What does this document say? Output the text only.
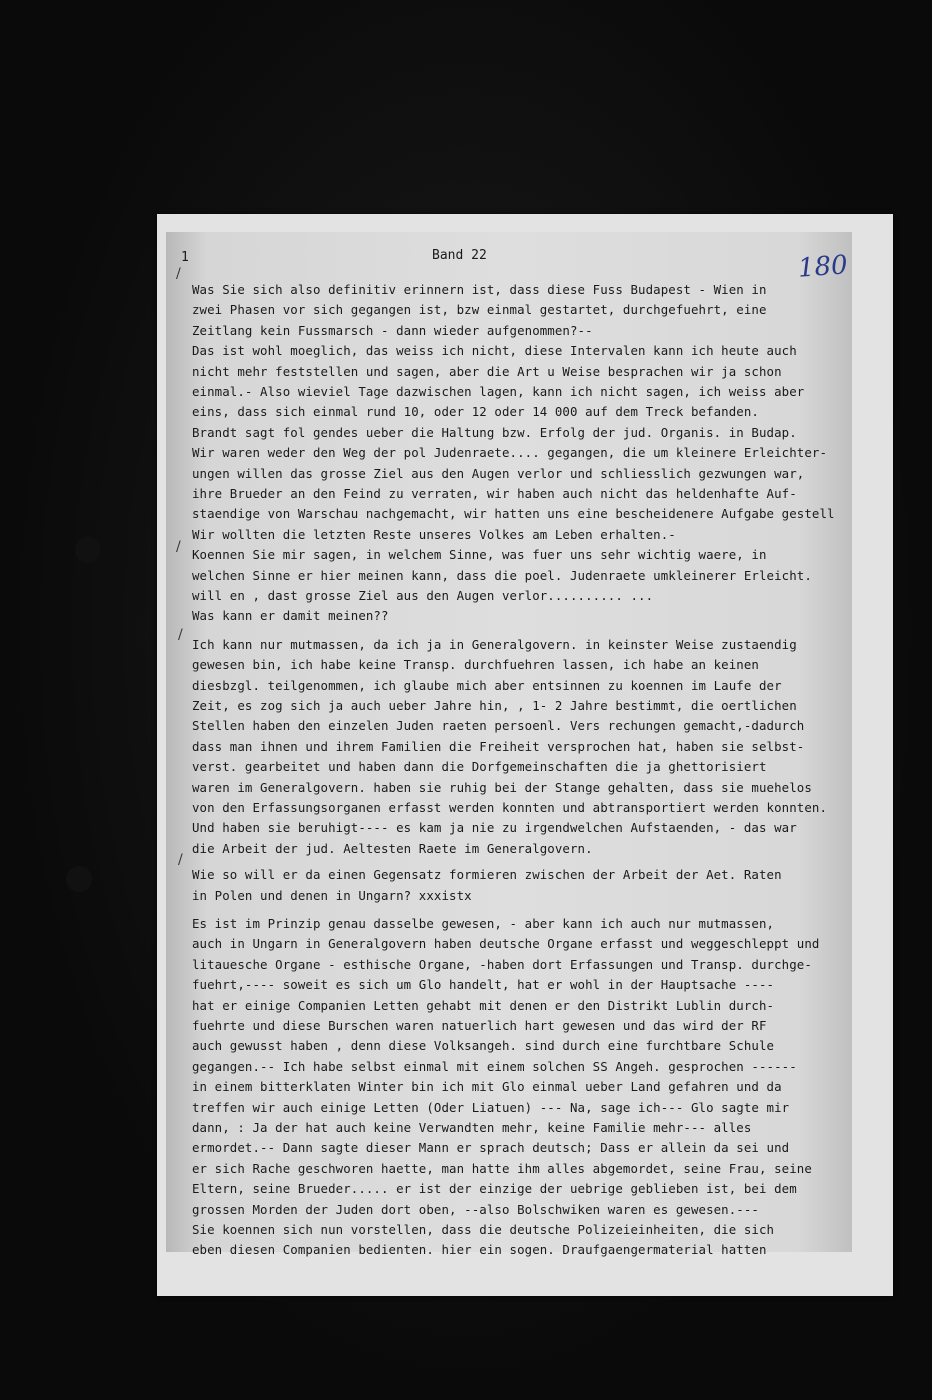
/
/
/
/
1	Band 22	180
Was Sie sich also definitiv erinnern ist, dass diese Fuss Budapest - Wien in
zwei Phasen vor sich gegangen ist, bzw einmal gestartet, durchgefuehrt, eine
Zeitlang kein Fussmarsch - dann wieder aufgenommen?--
Das ist wohl moeglich, das weiss ich nicht, diese Intervalen kann ich heute auch
nicht mehr feststellen und sagen, aber die Art u Weise besprachen wir ja schon
einmal.- Also wieviel Tage dazwischen lagen, kann ich nicht sagen, ich weiss aber
eins, dass sich einmal rund 10, oder 12 oder 14 000 auf dem Treck befanden.
Brandt sagt fol gendes ueber die Haltung bzw. Erfolg der jud. Organis. in Budap.
Wir waren weder den Weg der pol Judenraete.... gegangen, die um kleinere Erleichter-
ungen willen das grosse Ziel aus den Augen verlor und schliesslich gezwungen war,
ihre Brueder an den Feind zu verraten, wir haben auch nicht das heldenhafte Auf-
staendige von Warschau nachgemacht, wir hatten uns eine bescheidenere Aufgabe gestell
Wir wollten die letzten Reste unseres Volkes am Leben erhalten.-
Koennen Sie mir sagen, in welchem Sinne, was fuer uns sehr wichtig waere, in
welchen Sinne er hier meinen kann, dass die poel. Judenraete umkleinerer Erleicht.
will en , dast grosse Ziel aus den Augen verlor.......... ...
Was kann er damit meinen??
Ich kann nur mutmassen, da ich ja in Generalgovern. in keinster Weise zustaendig
gewesen bin, ich habe keine Transp. durchfuehren lassen, ich habe an keinen
diesbzgl. teilgenommen, ich glaube mich aber entsinnen zu koennen im Laufe der
Zeit, es zog sich ja auch ueber Jahre hin, , 1- 2 Jahre bestimmt, die oertlichen
Stellen haben den einzelen Juden raeten persoenl. Vers rechungen gemacht,-dadurch
dass man ihnen und ihrem Familien die Freiheit versprochen hat, haben sie selbst-
verst. gearbeitet und haben dann die Dorfgemeinschaften die ja ghettorisiert
waren im Generalgovern. haben sie ruhig bei der Stange gehalten, dass sie muehelos
von den Erfassungsorganen erfasst werden konnten und abtransportiert werden konnten.
Und haben sie beruhigt---- es kam ja nie zu irgendwelchen Aufstaenden, - das war
die Arbeit der jud. Aeltesten Raete im Generalgovern.
Wie so will er da einen Gegensatz formieren zwischen der Arbeit der Aet. Raten
in Polen und denen in Ungarn? xxxistx
Es ist im Prinzip genau dasselbe gewesen, - aber kann ich auch nur mutmassen,
auch in Ungarn in Generalgovern haben deutsche Organe erfasst und weggeschleppt und
litauesche Organe - esthische Organe, -haben dort Erfassungen und Transp. durchge-
fuehrt,---- soweit es sich um Glo handelt, hat er wohl in der Hauptsache ----
hat er einige Companien Letten gehabt mit denen er den Distrikt Lublin durch-
fuehrte und diese Burschen waren natuerlich hart gewesen und das wird der RF
auch gewusst haben , denn diese Volksangeh. sind durch eine furchtbare Schule
gegangen.-- Ich habe selbst einmal mit einem solchen SS Angeh. gesprochen ------
in einem bitterklaten Winter bin ich mit Glo einmal ueber Land gefahren und da
treffen wir auch einige Letten (Oder Liatuen) --- Na, sage ich--- Glo sagte mir
dann, : Ja der hat auch keine Verwandten mehr, keine Familie mehr--- alles
ermordet.-- Dann sagte dieser Mann er sprach deutsch; Dass er allein da sei und
er sich Rache geschworen haette, man hatte ihm alles abgemordet, seine Frau, seine
Eltern, seine Brueder..... er ist der einzige der uebrige geblieben ist, bei dem
grossen Morden der Juden dort oben, --also Bolschwiken waren es gewesen.---
Sie koennen sich nun vorstellen, dass die deutsche Polizeieinheiten, die sich
eben diesen Companien bedienten. hier ein sogen. Draufgaengermaterial hatten
